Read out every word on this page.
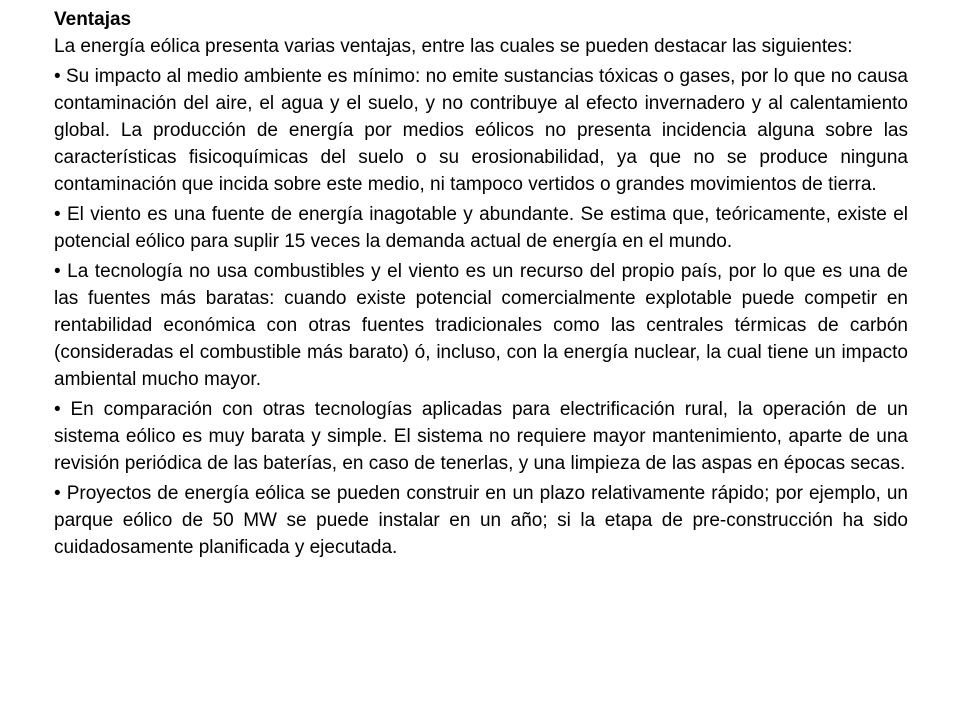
Ventajas

La energía eólica presenta varias ventajas, entre las cuales se pueden destacar las siguientes:

• Su impacto al medio ambiente es mínimo: no emite sustancias tóxicas o gases, por lo que no causa contaminación del aire, el agua y el suelo, y no contribuye al efecto invernadero y al calentamiento global. La producción de energía por medios eólicos no presenta incidencia alguna sobre las características fisicoquímicas del suelo o su erosionabilidad, ya que no se produce ninguna contaminación que incida sobre este medio, ni tampoco vertidos o grandes movimientos de tierra.

• El viento es una fuente de energía inagotable y abundante. Se estima que, teóricamente, existe el potencial eólico para suplir 15 veces la demanda actual de energía en el mundo.

• La tecnología no usa combustibles y el viento es un recurso del propio país, por lo que es una de las fuentes más baratas: cuando existe potencial comercialmente explotable puede competir en rentabilidad económica con otras fuentes tradicionales como las centrales térmicas de carbón (consideradas el combustible más barato) ó, incluso, con la energía nuclear, la cual tiene un impacto ambiental mucho mayor.

• En comparación con otras tecnologías aplicadas para electrificación rural, la operación de un sistema eólico es muy barata y simple. El sistema no requiere mayor mantenimiento, aparte de una revisión periódica de las baterías, en caso de tenerlas, y una limpieza de las aspas en épocas secas.

• Proyectos de energía eólica se pueden construir en un plazo relativamente rápido; por ejemplo, un parque eólico de 50 MW se puede instalar en un año; si la etapa de pre-construcción ha sido cuidadosamente planificada y ejecutada.
